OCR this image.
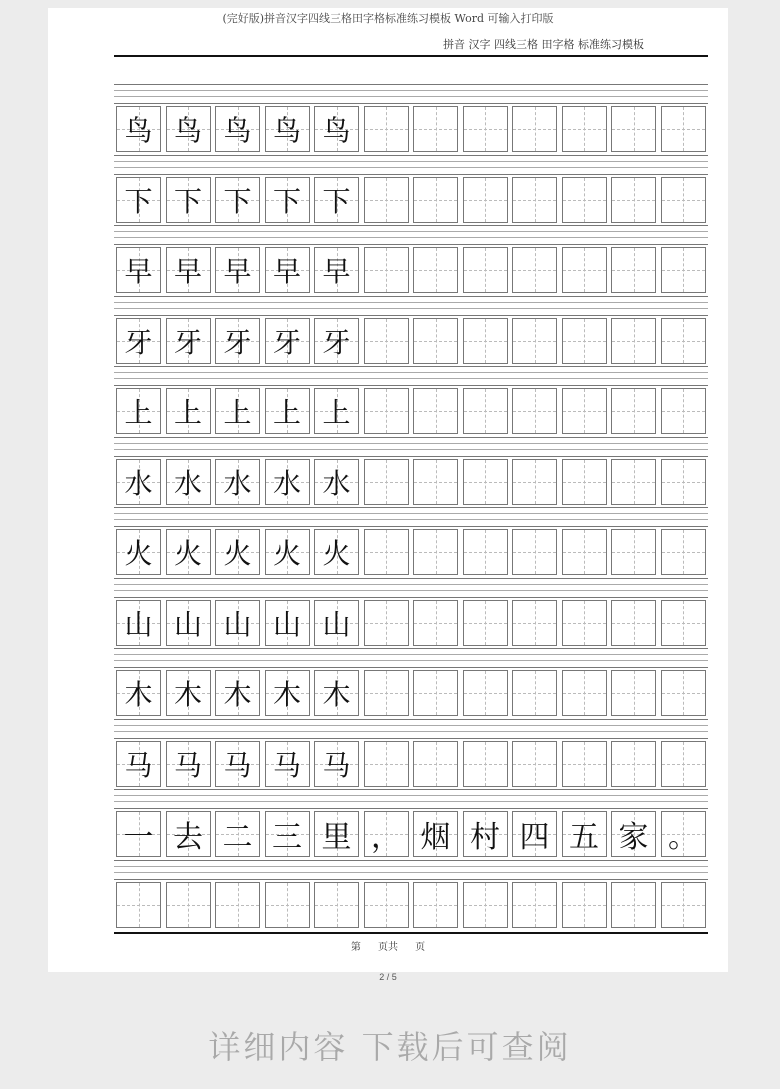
(完好版)拼音汉字四线三格田字格标准练习模板 Word 可输入打印版
拼音 汉字 四线三格 田字格 标准练习模板
鸟 鸟 鸟 鸟 鸟
下 下 下 下 下
早 早 早 早 早
牙 牙 牙 牙 牙
上 上 上 上 上
水 水 水 水 水
火 火 火 火 火
山 山 山 山 山
木 木 木 木 木
马 马 马 马 马
一 去 二 三 里 ， 烟 村 四 五 家 。
第 页共 页
2 / 5
详细内容 下载后可查阅
